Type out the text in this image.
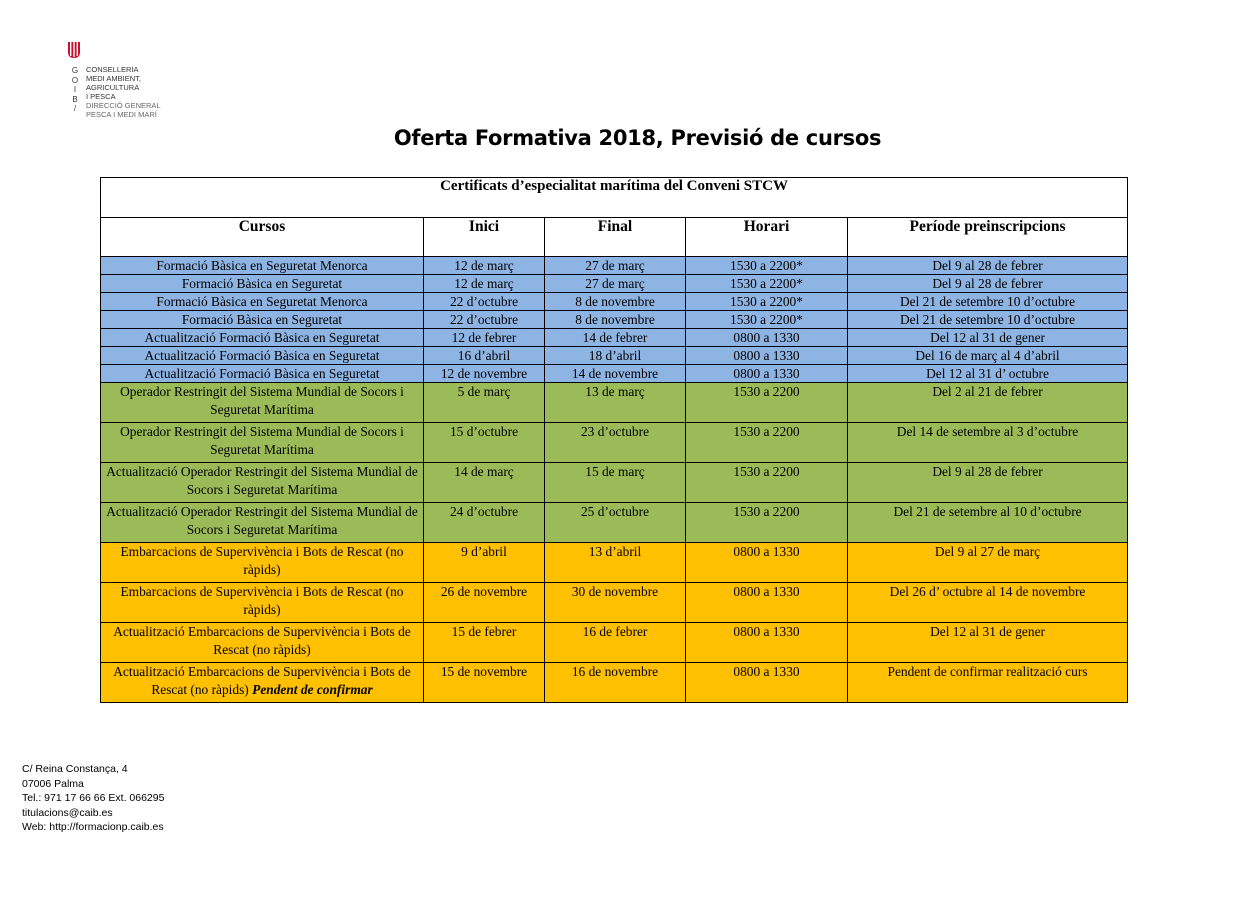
G
O
I
B
/
CONSELLERIA
MEDI AMBIENT,
AGRICULTURA
I PESCA
DIRECCIÓ GENERAL
PESCA I MEDI MARÍ
Oferta Formativa 2018, Previsió de cursos
Certificats d’especialitat marítima del Conveni STCW				
Cursos	Inici	Final	Horari	Període preinscripcions
Formació Bàsica en Seguretat Menorca	12 de març	27 de març	1530 a 2200*	Del 9 al 28 de febrer
Formació Bàsica en Seguretat	12 de març	27 de març	1530 a 2200*	Del 9 al 28 de febrer
Formació Bàsica en Seguretat Menorca	22 d’octubre	8 de novembre	1530 a 2200*	Del 21 de setembre 10 d’octubre
Formació Bàsica en Seguretat	22 d’octubre	8 de novembre	1530 a 2200*	Del 21 de setembre 10 d’octubre
Actualització Formació Bàsica en Seguretat	12 de febrer	14 de febrer	0800 a 1330	Del 12 al 31 de gener
Actualització Formació Bàsica en Seguretat	16 d’abril	18 d’abril	0800 a 1330	Del 16 de març al 4 d’abril
Actualització Formació Bàsica en Seguretat	12 de novembre	14 de novembre	0800 a 1330	Del 12 al 31 d’ octubre
Operador Restringit del Sistema Mundial de Socors i Seguretat Marítima	5 de març	13 de març	1530 a 2200	Del 2 al 21 de febrer
Operador Restringit del Sistema Mundial de Socors i Seguretat Marítima	15 d’octubre	23 d’octubre	1530 a 2200	Del 14 de setembre al 3 d’octubre
Actualització Operador Restringit del Sistema Mundial de Socors i Seguretat Marítima	14 de març	15 de març	1530 a 2200	Del 9 al 28 de febrer
Actualització Operador Restringit del Sistema Mundial de Socors i Seguretat Marítima	24 d’octubre	25 d’octubre	1530 a 2200	Del 21 de setembre al 10 d’octubre
Embarcacions de Supervivència i Bots de Rescat (no ràpids)	9 d’abril	13 d’abril	0800 a 1330	Del 9 al 27 de març
Embarcacions de Supervivència i Bots de Rescat (no ràpids)	26 de novembre	30 de novembre	0800 a 1330	Del 26 d’ octubre al 14 de novembre
Actualització Embarcacions de Supervivència i Bots de Rescat (no ràpids)	15 de febrer	16 de febrer	0800 a 1330	Del 12 al 31 de gener
Actualització Embarcacions de Supervivència i Bots de Rescat (no ràpids) Pendent de confirmar	15 de novembre	16 de novembre	0800 a 1330	Pendent de confirmar realització curs
C/ Reina Constança, 4
07006 Palma
Tel.: 971 17 66 66 Ext. 066295
titulacions@caib.es
Web: http://formacionp.caib.es
